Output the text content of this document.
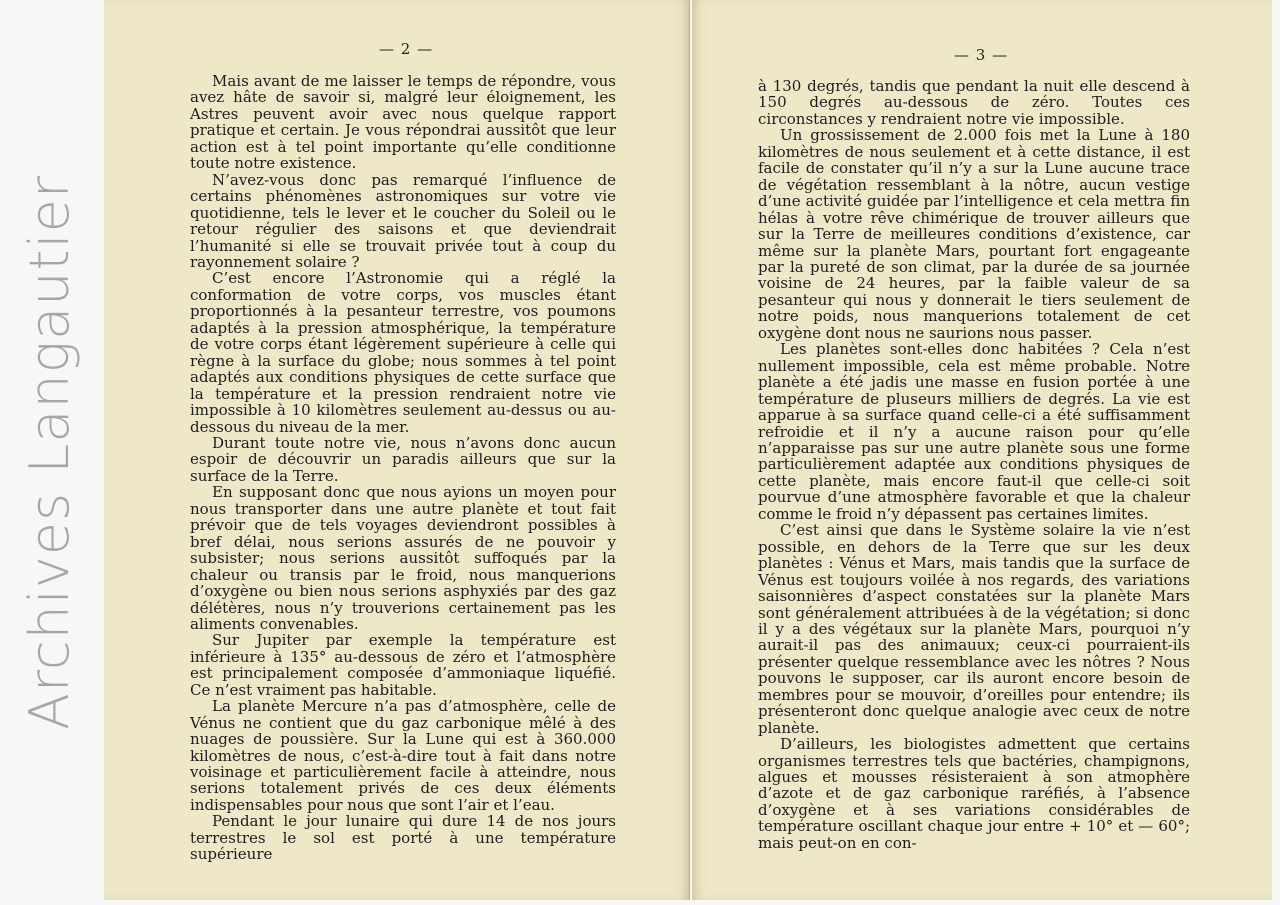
Archives Langautier
— 2 —

Mais avant de me laisser le temps de répondre, vous avez hâte de savoir si, malgré leur éloignement, les Astres peuvent avoir avec nous quelque rapport pratique et certain. Je vous répondrai aussitôt que leur action est à tel point importante qu’elle conditionne toute notre existence.

N’avez-vous donc pas remarqué l’influence de certains phénomènes astronomiques sur votre vie quotidienne, tels le lever et le coucher du Soleil ou le retour régulier des saisons et que deviendrait l’humanité si elle se trouvait privée tout à coup du rayonnement solaire ?

C’est encore l’Astronomie qui a réglé la conformation de votre corps, vos muscles étant proportionnés à la pesanteur terrestre, vos poumons adaptés à la pression atmosphérique, la température de votre corps étant légèrement supérieure à celle qui règne à la surface du globe; nous sommes à tel point adaptés aux conditions physiques de cette surface que la température et la pression rendraient notre vie impossible à 10 kilomètres seulement au-dessus ou au-dessous du niveau de la mer.

Durant toute notre vie, nous n’avons donc aucun espoir de découvrir un paradis ailleurs que sur la surface de la Terre.

En supposant donc que nous ayions un moyen pour nous transporter dans une autre planète et tout fait prévoir que de tels voyages deviendront possibles à bref délai, nous serions assurés de ne pouvoir y subsister; nous serions aussitôt suffoqués par la chaleur ou transis par le froid, nous manquerions d’oxygène ou bien nous serions asphyxiés par des gaz délétères, nous n’y trouverions certainement pas les aliments convenables.

Sur Jupiter par exemple la température est inférieure à 135° au-dessous de zéro et l’atmosphère est principalement composée d’ammoniaque liquéfié. Ce n’est vraiment pas habitable.

La planète Mercure n’a pas d’atmosphère, celle de Vénus ne contient que du gaz carbonique mêlé à des nuages de poussière. Sur la Lune qui est à 360.000 kilomètres de nous, c’est-à-dire tout à fait dans notre voisinage et particulièrement facile à atteindre, nous serions totalement privés de ces deux éléments indispensables pour nous que sont l’air et l’eau.

Pendant le jour lunaire qui dure 14 de nos jours terrestres le sol est porté à une température supérieure

— 3 —

à 130 degrés, tandis que pendant la nuit elle descend à 150 degrés au-dessous de zéro. Toutes ces circonstances y rendraient notre vie impossible.

Un grossissement de 2.000 fois met la Lune à 180 kilomètres de nous seulement et à cette distance, il est facile de constater qu’il n’y a sur la Lune aucune trace de végétation ressemblant à la nôtre, aucun vestige d’une activité guidée par l’intelligence et cela mettra fin hélas à votre rêve chimérique de trouver ailleurs que sur la Terre de meilleures conditions d’existence, car même sur la planète Mars, pourtant fort engageante par la pureté de son climat, par la durée de sa journée voisine de 24 heures, par la faible valeur de sa pesanteur qui nous y donnerait le tiers seulement de notre poids, nous manquerions totalement de cet oxygène dont nous ne saurions nous passer.

Les planètes sont-elles donc habitées ? Cela n’est nullement impossible, cela est même probable. Notre planète a été jadis une masse en fusion portée à une température de pluseurs milliers de degrés. La vie est apparue à sa surface quand celle-ci a été suffisamment refroidie et il n’y a aucune raison pour qu’elle n’apparaisse pas sur une autre planète sous une forme particulièrement adaptée aux conditions physiques de cette planète, mais encore faut-il que celle-ci soit pourvue d’une atmosphère favorable et que la chaleur comme le froid n’y dépassent pas certaines limites.

C’est ainsi que dans le Système solaire la vie n’est possible, en dehors de la Terre que sur les deux planètes : Vénus et Mars, mais tandis que la surface de Vénus est toujours voilée à nos regards, des variations saisonnières d’aspect constatées sur la planète Mars sont généralement attribuées à de la végétation; si donc il y a des végétaux sur la planète Mars, pourquoi n’y aurait-il pas des animauux; ceux-ci pourraient-ils présenter quelque ressemblance avec les nôtres ? Nous pouvons le supposer, car ils auront encore besoin de membres pour se mouvoir, d’oreilles pour entendre; ils présenteront donc quelque analogie avec ceux de notre planète.

D’ailleurs, les biologistes admettent que certains organismes terrestres tels que bactéries, champignons, algues et mousses résisteraient à son atmophère d’azote et de gaz carbonique raréfiés, à l’absence d’oxygène et à ses variations considérables de température oscillant chaque jour entre + 10° et — 60°; mais peut-on en con-
